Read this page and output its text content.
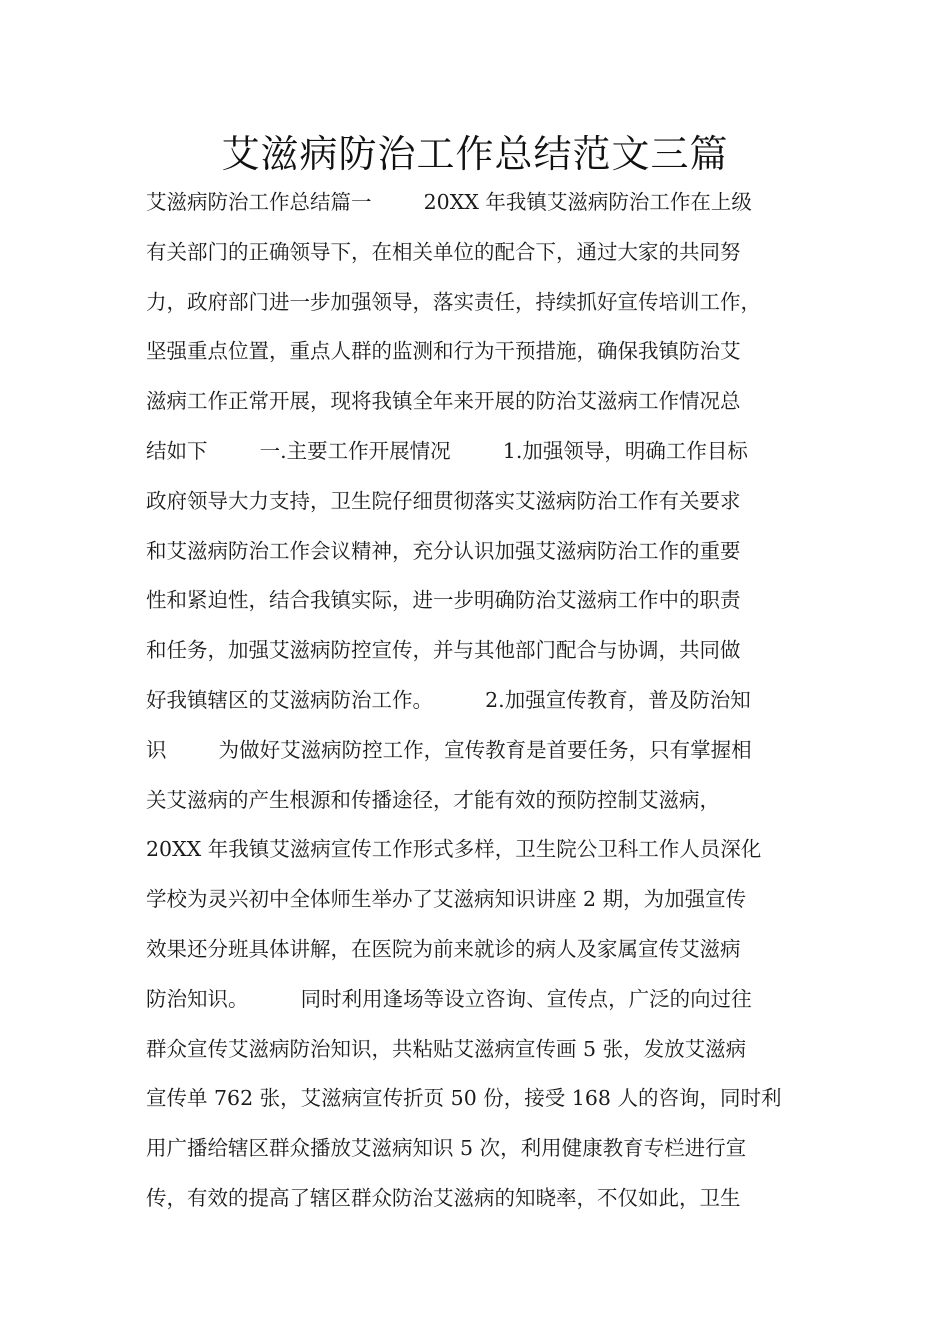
艾滋病防治工作总结范文三篇
艾滋病防治工作总结篇一        20XX 年我镇艾滋病防治工作在上级
有关部门的正确领导下，在相关单位的配合下，通过大家的共同努
力，政府部门进一步加强领导，落实责任，持续抓好宣传培训工作，
坚强重点位置，重点人群的监测和行为干预措施，确保我镇防治艾
滋病工作正常开展，现将我镇全年来开展的防治艾滋病工作情况总
结如下        一.主要工作开展情况        1.加强领导，明确工作目标
政府领导大力支持，卫生院仔细贯彻落实艾滋病防治工作有关要求
和艾滋病防治工作会议精神，充分认识加强艾滋病防治工作的重要
性和紧迫性，结合我镇实际，进一步明确防治艾滋病工作中的职责
和任务，加强艾滋病防控宣传，并与其他部门配合与协调，共同做
好我镇辖区的艾滋病防治工作。        2.加强宣传教育，普及防治知
识        为做好艾滋病防控工作，宣传教育是首要任务，只有掌握相
关艾滋病的产生根源和传播途径，才能有效的预防控制艾滋病，
20XX 年我镇艾滋病宣传工作形式多样，卫生院公卫科工作人员深化
学校为灵兴初中全体师生举办了艾滋病知识讲座 2 期，为加强宣传
效果还分班具体讲解，在医院为前来就诊的病人及家属宣传艾滋病
防治知识。        同时利用逢场等设立咨询、宣传点，广泛的向过往
群众宣传艾滋病防治知识，共粘贴艾滋病宣传画 5 张，发放艾滋病
宣传单 762 张，艾滋病宣传折页 50 份，接受 168 人的咨询，同时利
用广播给辖区群众播放艾滋病知识 5 次，利用健康教育专栏进行宣
传，有效的提高了辖区群众防治艾滋病的知晓率，不仅如此，卫生
